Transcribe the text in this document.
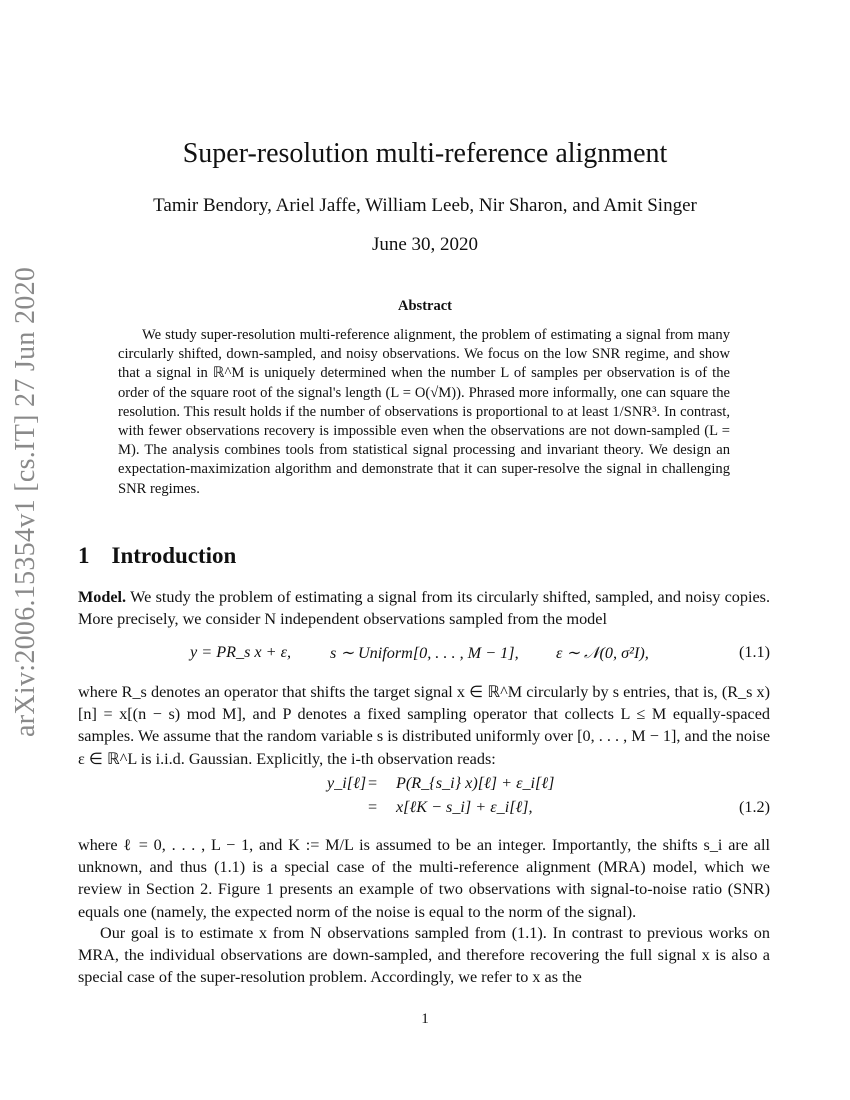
arXiv:2006.15354v1 [cs.IT] 27 Jun 2020
Super-resolution multi-reference alignment
Tamir Bendory, Ariel Jaffe, William Leeb, Nir Sharon, and Amit Singer
June 30, 2020
Abstract

We study super-resolution multi-reference alignment, the problem of estimating a signal from many circularly shifted, down-sampled, and noisy observations. We focus on the low SNR regime, and show that a signal in ℝ^M is uniquely determined when the number L of samples per observation is of the order of the square root of the signal's length (L = O(√M)). Phrased more informally, one can square the resolution. This result holds if the number of observations is proportional to at least 1/SNR³. In contrast, with fewer observations recovery is impossible even when the observations are not down-sampled (L = M). The analysis combines tools from statistical signal processing and invariant theory. We design an expectation-maximization algorithm and demonstrate that it can super-resolve the signal in challenging SNR regimes.

1 Introduction

Model. We study the problem of estimating a signal from its circularly shifted, sampled, and noisy copies. More precisely, we consider N independent observations sampled from the model

y = PR_s x + ε, s ∼ Uniform[0, . . . , M − 1], ε ∼ 𝒩(0, σ²I),	(1.1)

where R_s denotes an operator that shifts the target signal x ∈ ℝ^M circularly by s entries, that is, (R_s x)[n] = x[(n − s) mod M], and P denotes a fixed sampling operator that collects L ≤ M equally-spaced samples. We assume that the random variable s is distributed uniformly over [0, . . . , M − 1], and the noise ε ∈ ℝ^L is i.i.d. Gaussian. Explicitly, the i-th observation reads:

y_i[ℓ] = P(R_{s_i} x)[ℓ] + ε_i[ℓ]
= x[ℓK − s_i] + ε_i[ℓ],	(1.2)

where ℓ = 0, . . . , L − 1, and K := M/L is assumed to be an integer. Importantly, the shifts s_i are all unknown, and thus (1.1) is a special case of the multi-reference alignment (MRA) model, which we review in Section 2. Figure 1 presents an example of two observations with signal-to-noise ratio (SNR) equals one (namely, the expected norm of the noise is equal to the norm of the signal).

Our goal is to estimate x from N observations sampled from (1.1). In contrast to previous works on MRA, the individual observations are down-sampled, and therefore recovering the full signal x is also a special case of the super-resolution problem. Accordingly, we refer to x as the

1
